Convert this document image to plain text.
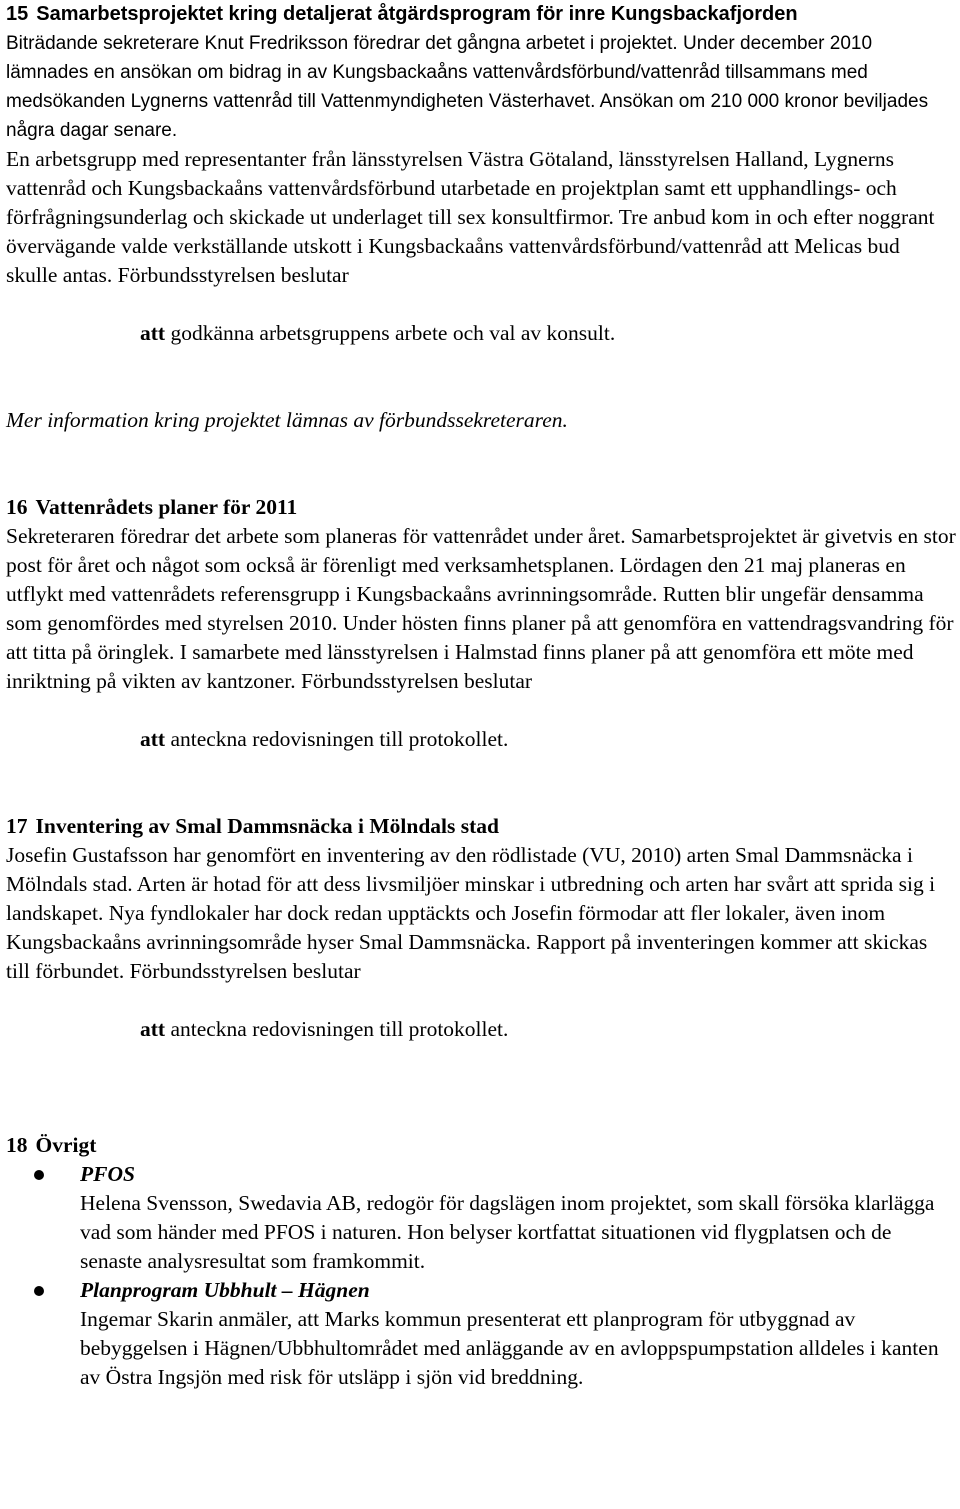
15 Samarbetsprojektet kring detaljerat åtgärdsprogram för inre Kungsbackafjorden

Biträdande sekreterare Knut Fredriksson föredrar det gångna arbetet i projektet. Under december 2010 lämnades en ansökan om bidrag in av Kungsbackaåns vattenvårdsförbund/vattenråd tillsammans med medsökanden Lygnerns vattenråd till Vattenmyndigheten Västerhavet. Ansökan om 210 000 kronor beviljades några dagar senare.

En arbetsgrupp med representanter från länsstyrelsen Västra Götaland, länsstyrelsen Halland, Lygnerns vattenråd och Kungsbackaåns vattenvårdsförbund utarbetade en projektplan samt ett upphandlings- och förfrågningsunderlag och skickade ut underlaget till sex konsultfirmor. Tre anbud kom in och efter noggrant övervägande valde verkställande utskott i Kungsbackaåns vattenvårdsförbund/vattenråd att Melicas bud skulle antas. Förbundsstyrelsen beslutar

att godkänna arbetsgruppens arbete och val av konsult.

Mer information kring projektet lämnas av förbundssekreteraren.

16 Vattenrådets planer för 2011

Sekreteraren föredrar det arbete som planeras för vattenrådet under året. Samarbetsprojektet är givetvis en stor post för året och något som också är förenligt med verksamhetsplanen. Lördagen den 21 maj planeras en utflykt med vattenrådets referensgrupp i Kungsbackaåns avrinningsområde. Rutten blir ungefär densamma som genomfördes med styrelsen 2010. Under hösten finns planer på att genomföra en vattendragsvandring för att titta på öringlek. I samarbete med länsstyrelsen i Halmstad finns planer på att genomföra ett möte med inriktning på vikten av kantzoner. Förbundsstyrelsen beslutar

att anteckna redovisningen till protokollet.

17 Inventering av Smal Dammsnäcka i Mölndals stad

Josefin Gustafsson har genomfört en inventering av den rödlistade (VU, 2010) arten Smal Dammsnäcka i Mölndals stad. Arten är hotad för att dess livsmiljöer minskar i utbredning och arten har svårt att sprida sig i landskapet. Nya fyndlokaler har dock redan upptäckts och Josefin förmodar att fler lokaler, även inom Kungsbackaåns avrinningsområde hyser Smal Dammsnäcka. Rapport på inventeringen kommer att skickas till förbundet. Förbundsstyrelsen beslutar

att anteckna redovisningen till protokollet.

18 Övrigt
PFOS
Helena Svensson, Swedavia AB, redogör för dagslägen inom projektet, som skall försöka klarlägga vad som händer med PFOS i naturen. Hon belyser kortfattat situationen vid flygplatsen och de senaste analysresultat som framkommit.
Planprogram Ubbhult – Hägnen
Ingemar Skarin anmäler, att Marks kommun presenterat ett planprogram för utbyggnad av bebyggelsen i Hägnen/Ubbhultområdet med anläggande av en avloppspumpstation alldeles i kanten av Östra Ingsjön med risk för utsläpp i sjön vid breddning.
